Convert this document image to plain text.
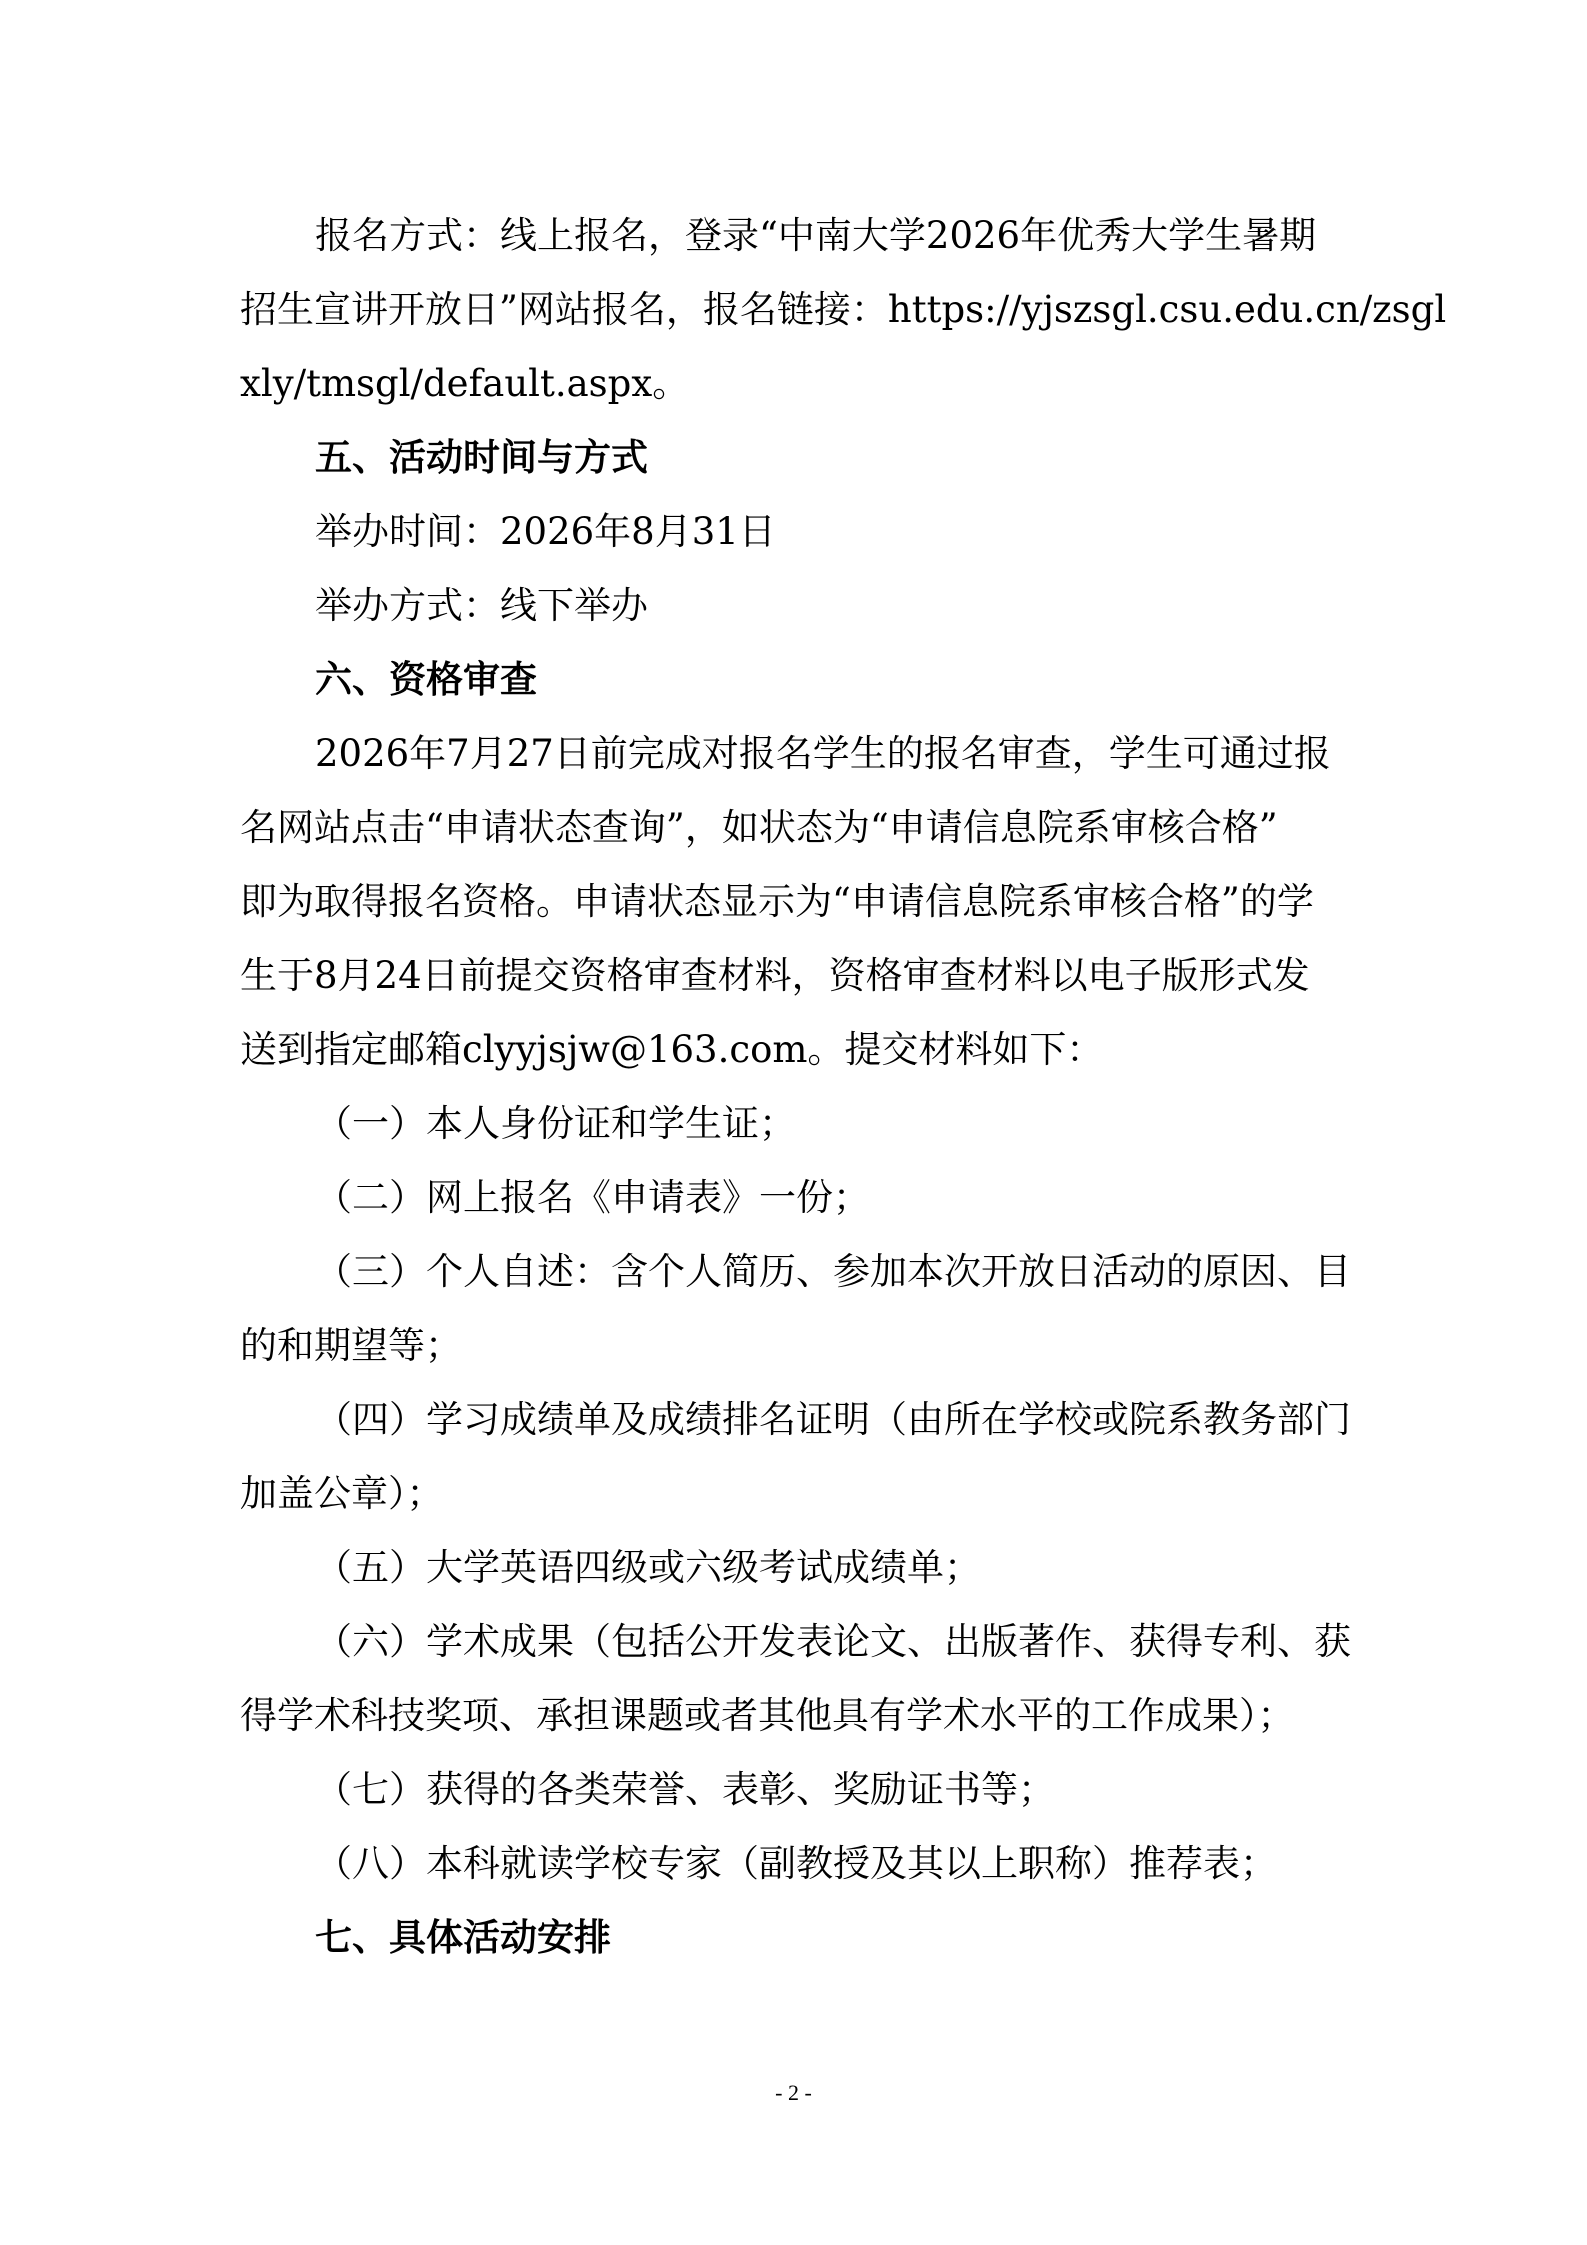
报名方式：线上报名，登录“中南大学2026年优秀大学生暑期
招生宣讲开放日”网站报名，报名链接：https://yjszsgl.csu.edu.cn/zsgl
xly/tmsgl/default.aspx。
五、活动时间与方式
举办时间：2026年8月31日
举办方式：线下举办
六、资格审查
2026年7月27日前完成对报名学生的报名审查，学生可通过报
名网站点击“申请状态查询”，如状态为“申请信息院系审核合格”
即为取得报名资格。申请状态显示为“申请信息院系审核合格”的学
生于8月24日前提交资格审查材料，资格审查材料以电子版形式发
送到指定邮箱clyyjsjw@163.com。提交材料如下：
（一）本人身份证和学生证；
（二）网上报名《申请表》一份；
（三）个人自述：含个人简历、参加本次开放日活动的原因、目
的和期望等；
（四）学习成绩单及成绩排名证明（由所在学校或院系教务部门
加盖公章）；
（五）大学英语四级或六级考试成绩单；
（六）学术成果（包括公开发表论文、出版著作、获得专利、获
得学术科技奖项、承担课题或者其他具有学术水平的工作成果）；
（七）获得的各类荣誉、表彰、奖励证书等；
（八）本科就读学校专家（副教授及其以上职称）推荐表；
七、具体活动安排
- 2 -
